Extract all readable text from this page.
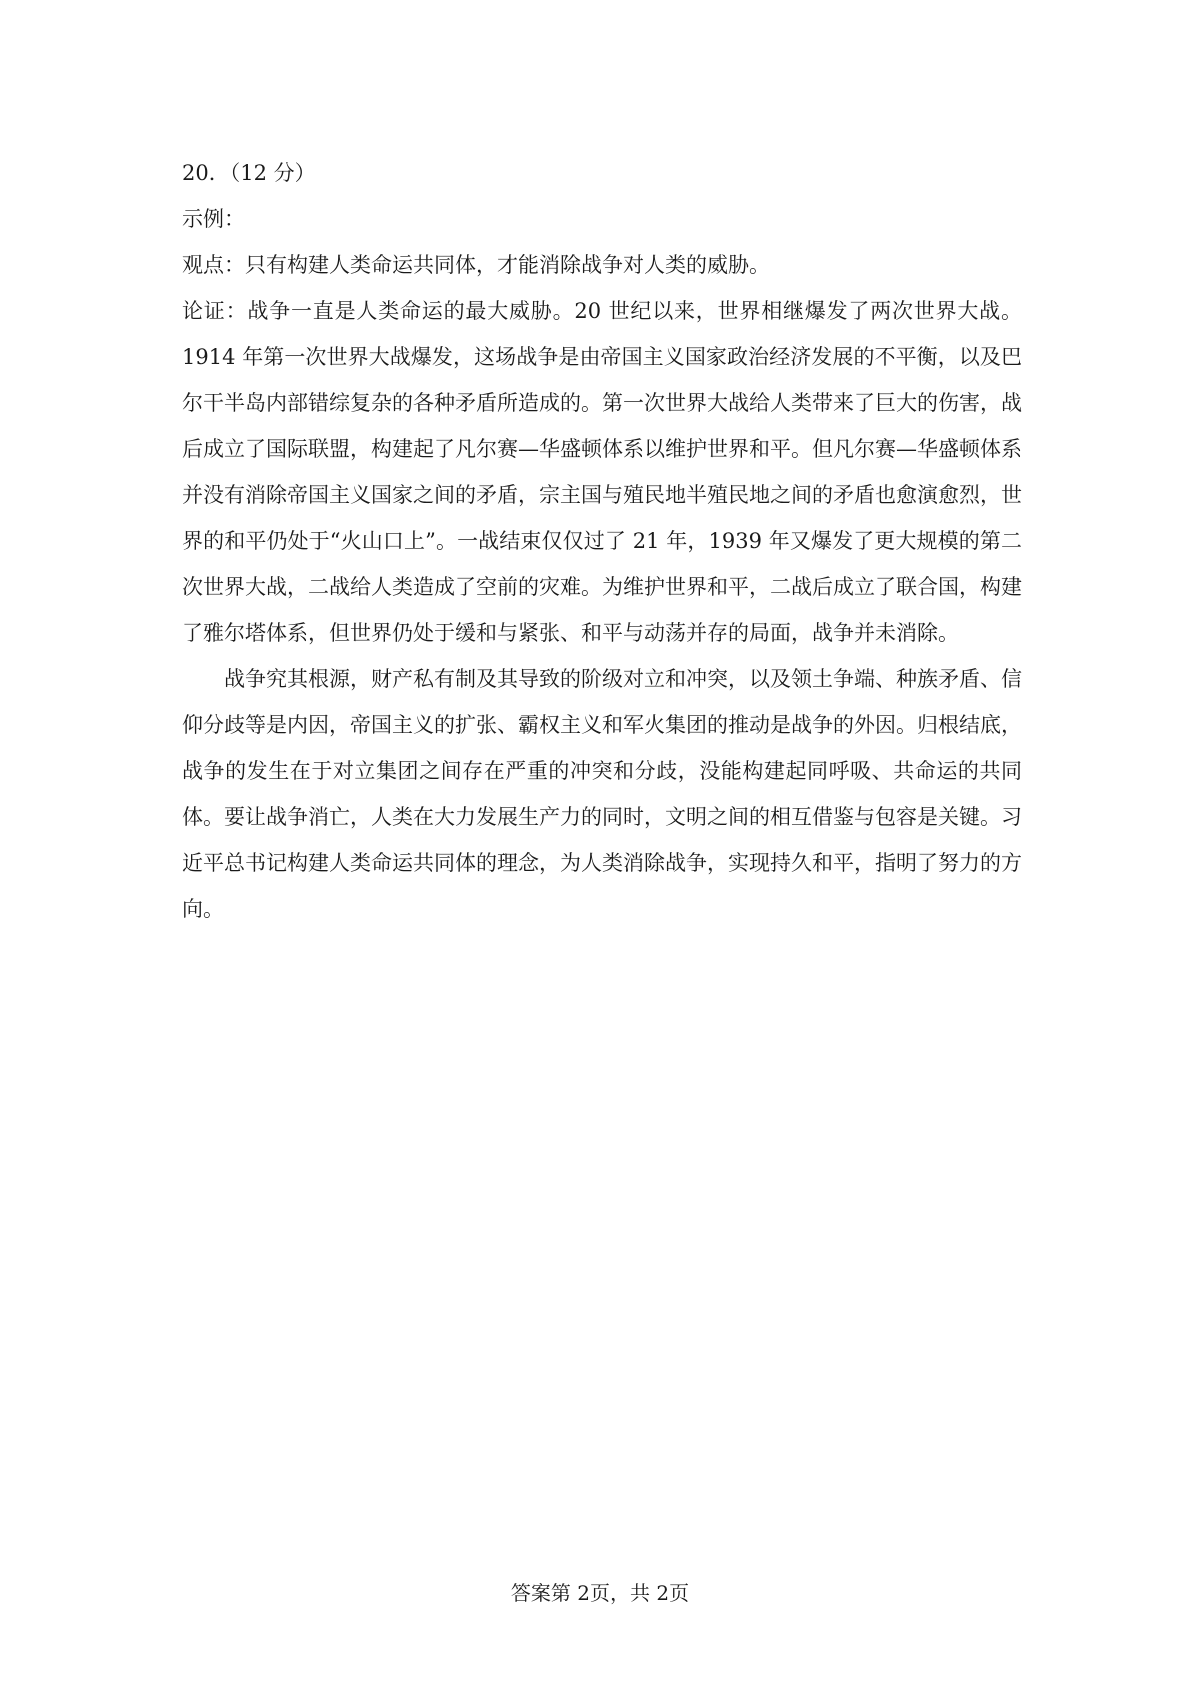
20．（12 分）

示例：

观点：只有构建人类命运共同体，才能消除战争对人类的威胁。

论证：战争一直是人类命运的最大威胁。20 世纪以来，世界相继爆发了两次世界大战。1914 年第一次世界大战爆发，这场战争是由帝国主义国家政治经济发展的不平衡，以及巴尔干半岛内部错综复杂的各种矛盾所造成的。第一次世界大战给人类带来了巨大的伤害，战后成立了国际联盟，构建起了凡尔赛—华盛顿体系以维护世界和平。但凡尔赛—华盛顿体系并没有消除帝国主义国家之间的矛盾，宗主国与殖民地半殖民地之间的矛盾也愈演愈烈，世界的和平仍处于“火山口上”。一战结束仅仅过了 21 年，1939 年又爆发了更大规模的第二次世界大战，二战给人类造成了空前的灾难。为维护世界和平，二战后成立了联合国，构建了雅尔塔体系，但世界仍处于缓和与紧张、和平与动荡并存的局面，战争并未消除。

战争究其根源，财产私有制及其导致的阶级对立和冲突，以及领土争端、种族矛盾、信仰分歧等是内因，帝国主义的扩张、霸权主义和军火集团的推动是战争的外因。归根结底，战争的发生在于对立集团之间存在严重的冲突和分歧，没能构建起同呼吸、共命运的共同体。要让战争消亡，人类在大力发展生产力的同时，文明之间的相互借鉴与包容是关键。习近平总书记构建人类命运共同体的理念，为人类消除战争，实现持久和平，指明了努力的方向。

答案第 2页，共 2页
